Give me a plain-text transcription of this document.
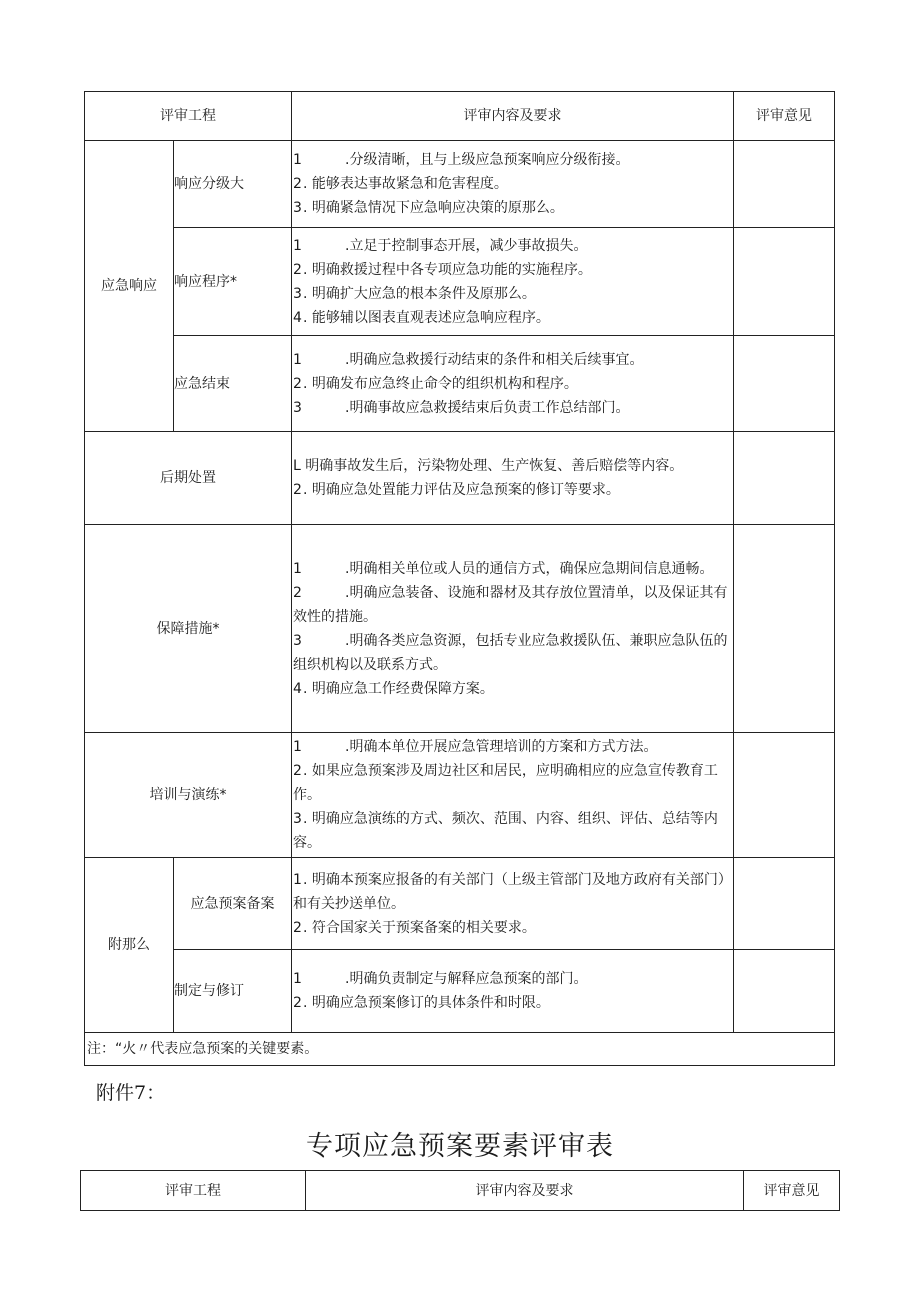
评审工程		评审内容及要求	评审意见
应急响应	响应分级大	1 .分级清晰，且与上级应急预案响应分级衔接。
2. 能够表达事故紧急和危害程度。
3. 明确紧急情况下应急响应决策的原那么。	

	响应程序*	1 .立足于控制事态开展，减少事故损失。
2. 明确救援过程中各专项应急功能的实施程序。
3. 明确扩大应急的根本条件及原那么。
4. 能够辅以图表直观表述应急响应程序。	

	应急结束	1 .明确应急救援行动结束的条件和相关后续事宜。
2. 明确发布应急终止命令的组织机构和程序。
3 .明确事故应急救援结束后负责工作总结部门。	

后期处置		L 明确事故发生后，污染物处理、生产恢复、善后赔偿等内容。
2. 明确应急处置能力评估及应急预案的修订等要求。	

保障措施*		1 .明确相关单位或人员的通信方式，确保应急期间信息通畅。
2 .明确应急装备、设施和器材及其存放位置清单，以及保证其有效性的措施。
3 .明确各类应急资源，包括专业应急救援队伍、兼职应急队伍的组织机构以及联系方式。
4. 明确应急工作经费保障方案。	

培训与演练*		1 .明确本单位开展应急管理培训的方案和方式方法。
2. 如果应急预案涉及周边社区和居民，应明确相应的应急宣传教育工作。
3. 明确应急演练的方式、频次、范围、内容、组织、评估、总结等内容。	

附那么	应急预案备案	1. 明确本预案应报备的有关部门（上级主管部门及地方政府有关部门）和有关抄送单位。
2. 符合国家关于预案备案的相关要求。	

	制定与修订	1 .明确负责制定与解释应急预案的部门。
2. 明确应急预案修订的具体条件和时限。	

注：“火〃代表应急预案的关键要素。			
附件7：
专项应急预案要素评审表
评审工程	评审内容及要求	评审意见
